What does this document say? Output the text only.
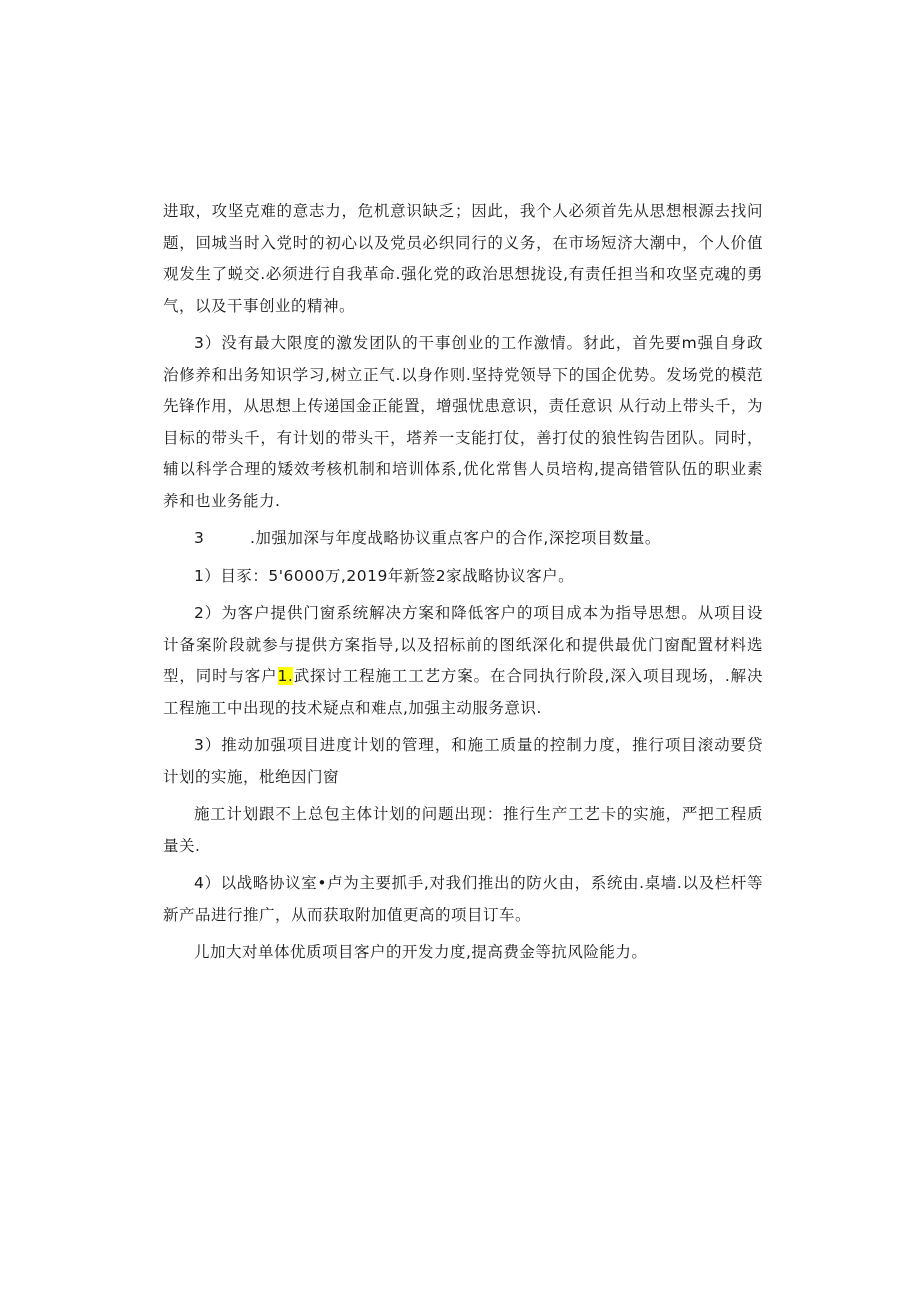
进取，攻坚克难的意志力，危机意识缺乏；因此，我个人必须首先从思想根源去找问题，回城当时入党时的初心以及党员必织同行的义务，在市场短济大潮中，个人价值观发生了蜕交.必须进行自我革命.强化党的政治思想拢设,有责任担当和攻坚克魂的勇气，以及干事创业的精神。

3）没有最大限度的激发团队的干事创业的工作激情。豺此，首先要m强自身政治修养和出务知识学习,树立正气.以身作则.坚持党领导下的国企优势。发场党的模范先锋作用，从思想上传递国金正能置，增强忧患意识，责任意识 从行动上带头千，为目标的带头千，有计划的带头干，塔养一支能打仗，善打仗的狼性钩告团队。同时，辅以科学合理的矮效考核机制和培训体系,优化常售人员培构,提高错管队伍的职业素养和也业务能力.

3	.加强加深与年度战略协议重点客户的合作,深挖项目数量。

1）目豕：5'6000万,2019年新签2家战略协议客户。

2）为客户提供门窗系统解决方案和降低客户的项目成本为指导思想。从项目设计备案阶段就参与提供方案指导,以及招标前的图纸深化和提供最优门窗配置材料选型，同时与客户1.武探讨工程施工工艺方案。在合同执行阶段,深入项目现场，.解决工程施工中出现的技术疑点和难点,加强主动服务意识.

3）推动加强项目进度计划的管理，和施工质量的控制力度，推行项目滚动要贷计划的实施，枇绝因门窗

施工计划跟不上总包主体计划的问题出现：推行生产工艺卡的实施，严把工程质量关.

4）以战略协议室•卢为主要抓手,对我们推出的防火由，系统由.桌墙.以及栏杆等新产品进行推广，从而获取附加值更高的项目订车。

儿加大对单体优质项目客户的开发力度,提高费金等抗风险能力。
